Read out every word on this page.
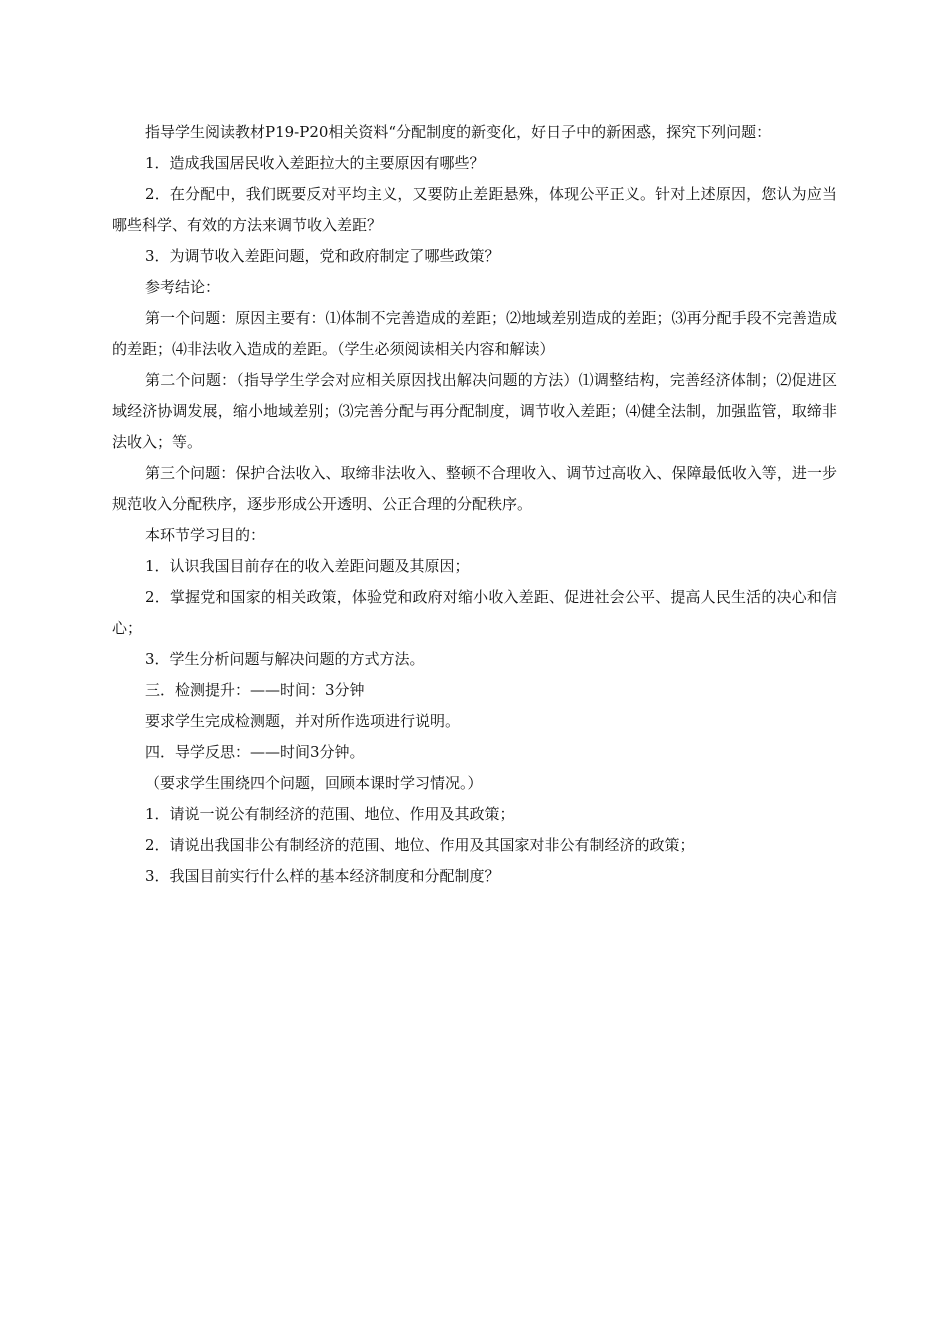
指导学生阅读教材P19-P20相关资料“分配制度的新变化，好日子中的新困惑，探究下列问题：

1．造成我国居民收入差距拉大的主要原因有哪些？

2．在分配中，我们既要反对平均主义，又要防止差距悬殊，体现公平正义。针对上述原因，您认为应当哪些科学、有效的方法来调节收入差距？

3．为调节收入差距问题，党和政府制定了哪些政策？

参考结论：

第一个问题：原因主要有：⑴体制不完善造成的差距；⑵地域差别造成的差距；⑶再分配手段不完善造成的差距；⑷非法收入造成的差距。（学生必须阅读相关内容和解读）

第二个问题：（指导学生学会对应相关原因找出解决问题的方法）⑴调整结构，完善经济体制；⑵促进区域经济协调发展，缩小地域差别；⑶完善分配与再分配制度，调节收入差距；⑷健全法制，加强监管，取缔非法收入；等。

第三个问题：保护合法收入、取缔非法收入、整顿不合理收入、调节过高收入、保障最低收入等，进一步规范收入分配秩序，逐步形成公开透明、公正合理的分配秩序。

本环节学习目的：

1．认识我国目前存在的收入差距问题及其原因；

2．掌握党和国家的相关政策，体验党和政府对缩小收入差距、促进社会公平、提高人民生活的决心和信心；

3．学生分析问题与解决问题的方式方法。

三．检测提升：——时间：3分钟

要求学生完成检测题，并对所作选项进行说明。

四．导学反思：——时间3分钟。

（要求学生围绕四个问题，回顾本课时学习情况。）

1．请说一说公有制经济的范围、地位、作用及其政策；

2．请说出我国非公有制经济的范围、地位、作用及其国家对非公有制经济的政策；

3．我国目前实行什么样的基本经济制度和分配制度？
